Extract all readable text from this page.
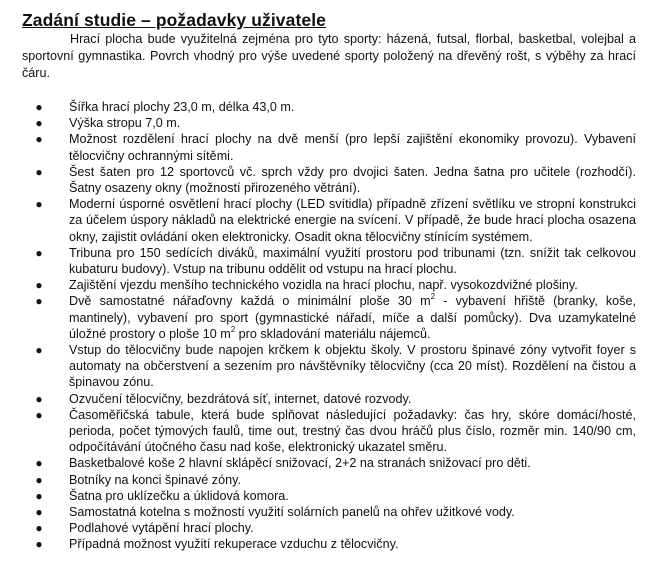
Zadání studie – požadavky uživatele

Hrací plocha bude využitelná zejména pro tyto sporty: házená, futsal, florbal, basketbal, volejbal a sportovní gymnastika. Povrch vhodný pro výše uvedené sporty položený na dřevěný rošt, s výběhy za hrací čáru.

● Šířka hrací plochy 23,0 m, délka 43,0 m.
● Výška stropu 7,0 m.
● Možnost rozdělení hrací plochy na dvě menší (pro lepší zajištění ekonomiky provozu). Vybavení tělocvičny ochrannými sítěmi.
● Šest šaten pro 12 sportovců vč. sprch vždy pro dvojici šaten. Jedna šatna pro učitele (rozhodčí). Šatny osazeny okny (možností přirozeného větrání).
● Moderní úsporné osvětlení hrací plochy (LED svítidla) případně zřízení světlíku ve stropní konstrukci za účelem úspory nákladů na elektrické energie na svícení. V případě, že bude hrací plocha osazena okny, zajistit ovládání oken elektronicky. Osadit okna tělocvičny stínícím systémem.
● Tribuna pro 150 sedících diváků, maximální využití prostoru pod tribunami (tzn. snížit tak celkovou kubaturu budovy). Vstup na tribunu oddělit od vstupu na hrací plochu.
● Zajištění vjezdu menšího technického vozidla na hrací plochu, např. vysokozdvižné plošiny.
● Dvě samostatné nářaďovny každá o minimální ploše 30 $m^2$ - vybavení hřiště (branky, koše, mantinely), vybavení pro sport (gymnastické nářadí, míče a další pomůcky). Dva uzamykatelné úložné prostory o ploše 10 $m^2$ pro skladování materiálu nájemců.
● Vstup do tělocvičny bude napojen krčkem k objektu školy. V prostoru špinavé zóny vytvořit foyer s automaty na občerstvení a sezením pro návštěvníky tělocvičny (cca 20 míst). Rozdělení na čistou a špinavou zónu.
● Ozvučení tělocvičny, bezdrátová síť, internet, datové rozvody.
● Časoměřičská tabule, která bude splňovat následující požadavky: čas hry, skóre domácí/hosté, perioda, počet týmových faulů, time out, trestný čas dvou hráčů plus číslo, rozměr min. 140/90 cm, odpočítávání útočného času nad koše, elektronický ukazatel směru.
● Basketbalové koše 2 hlavní sklápěcí snižovací, 2+2 na stranách snižovací pro děti.
● Botníky na konci špinavé zóny.
● Šatna pro uklízečku a úklidová komora.
● Samostatná kotelna s možností využití solárních panelů na ohřev užitkové vody.
● Podlahové vytápění hrací plochy.
● Případná možnost využití rekuperace vzduchu z tělocvičny.
